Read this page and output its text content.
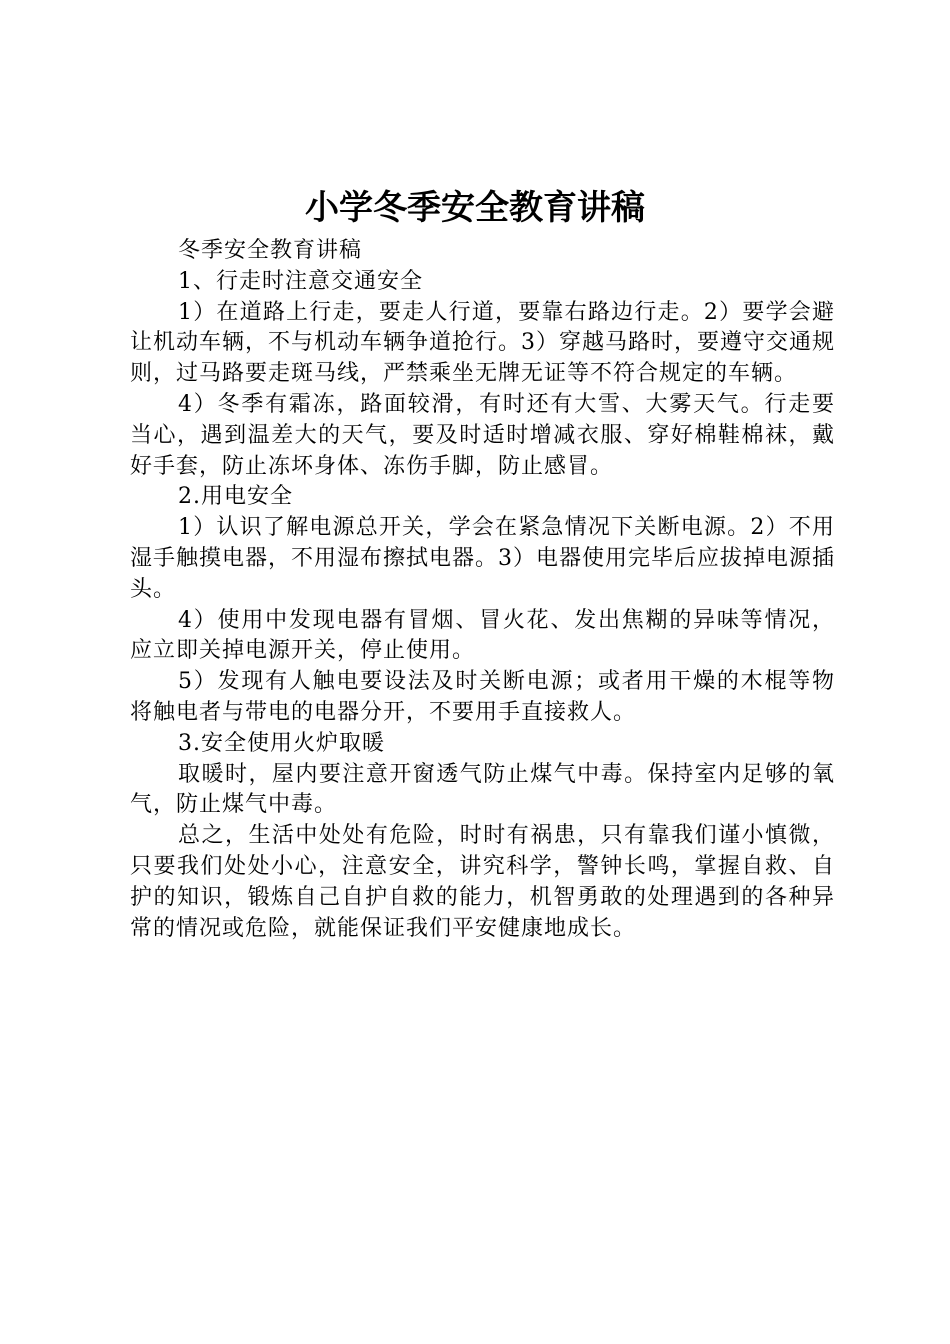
小学冬季安全教育讲稿

冬季安全教育讲稿

1、行走时注意交通安全

1）在道路上行走，要走人行道，要靠右路边行走。2）要学会避让机动车辆，不与机动车辆争道抢行。3）穿越马路时，要遵守交通规则，过马路要走斑马线，严禁乘坐无牌无证等不符合规定的车辆。

4）冬季有霜冻，路面较滑，有时还有大雪、大雾天气。行走要当心，遇到温差大的天气，要及时适时增减衣服、穿好棉鞋棉袜，戴好手套，防止冻坏身体、冻伤手脚，防止感冒。

2.用电安全

1）认识了解电源总开关，学会在紧急情况下关断电源。2）不用湿手触摸电器，不用湿布擦拭电器。3）电器使用完毕后应拔掉电源插头。

4）使用中发现电器有冒烟、冒火花、发出焦糊的异味等情况，应立即关掉电源开关，停止使用。

5）发现有人触电要设法及时关断电源；或者用干燥的木棍等物将触电者与带电的电器分开，不要用手直接救人。

3.安全使用火炉取暖

取暖时，屋内要注意开窗透气防止煤气中毒。保持室内足够的氧气，防止煤气中毒。

总之，生活中处处有危险，时时有祸患，只有靠我们谨小慎微，只要我们处处小心，注意安全，讲究科学，警钟长鸣，掌握自救、自护的知识，锻炼自己自护自救的能力，机智勇敢的处理遇到的各种异常的情况或危险，就能保证我们平安健康地成长。
